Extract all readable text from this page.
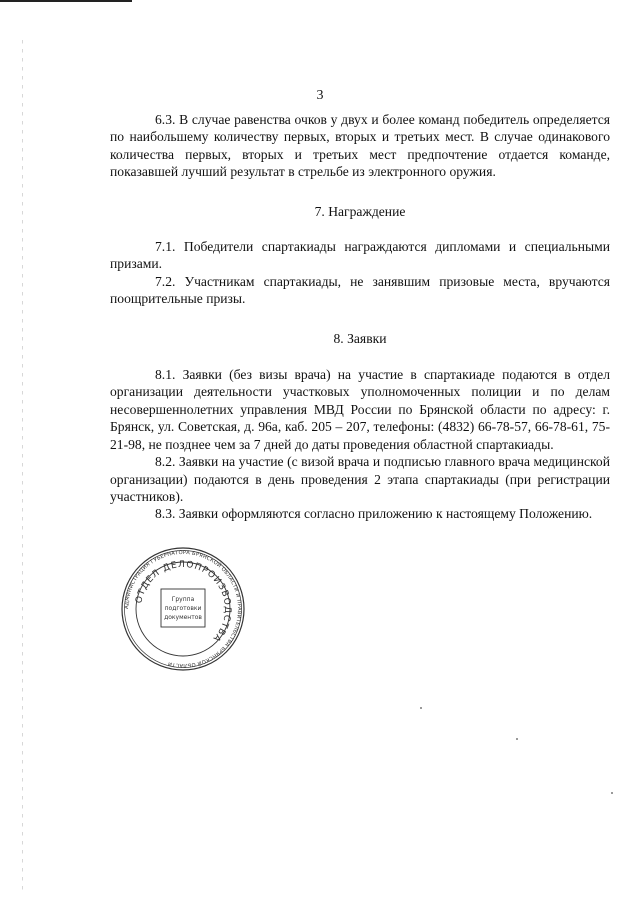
3

6.3. В случае равенства очков у двух и более команд победитель определяется по наибольшему количеству первых, вторых и третьих мест. В случае одинакового количества первых, вторых и третьих мест предпочтение отдается команде, показавшей лучший результат в стрельбе из электронного оружия.

7. Награждение

7.1. Победители спартакиады награждаются дипломами и специальными призами.

7.2. Участникам спартакиады, не занявшим призовые места, вручаются поощрительные призы.

8. Заявки

8.1. Заявки (без визы врача) на участие в спартакиаде подаются в отдел организации деятельности участковых уполномоченных полиции и по делам несовершеннолетних управления МВД России по Брянской области по адресу: г. Брянск, ул. Советская, д. 96а, каб. 205 – 207, телефоны: (4832) 66-78-57, 66-78-61, 75-21-98, не позднее чем за 7 дней до даты проведения областной спартакиады.

8.2. Заявки на участие (с визой врача и подписью главного врача медицинской организации) подаются в день проведения 2 этапа спартакиады (при регистрации участников).

8.3. Заявки оформляются согласно приложению к настоящему Положению.

АДМИНИСТРАЦИЯ ГУБЕРНАТОРА БРЯНСКОЙ ОБЛАСТИ И ПРАВИТЕЛЬСТВА БРЯНСКОЙ ОБЛАСТИ
ОТДЕЛ ДЕЛОПРОИЗВОДСТВА
Группа
подготовки
документов
